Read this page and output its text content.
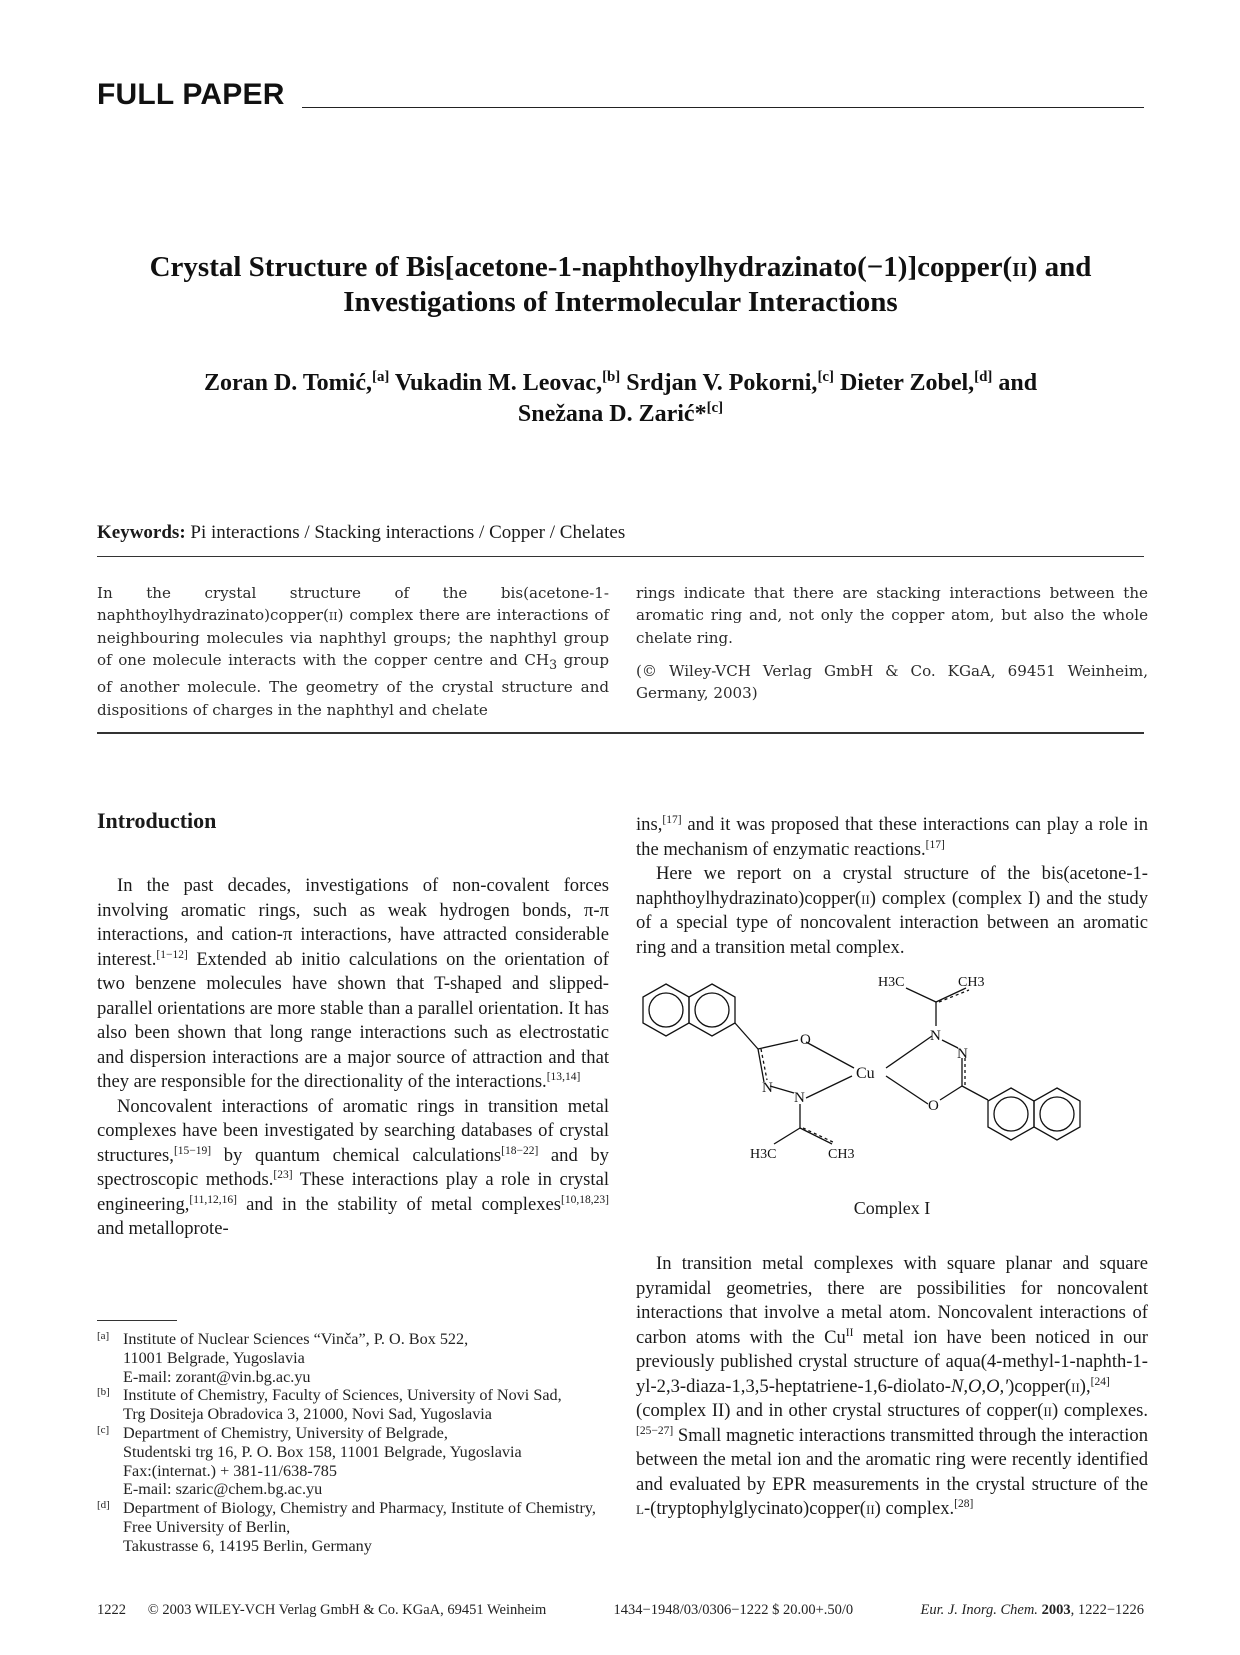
FULL PAPER
Crystal Structure of Bis[acetone-1-naphthoylhydrazinato(−1)]copper(ii) and
Investigations of Intermolecular Interactions
Zoran D. Tomić,[a] Vukadin M. Leovac,[b] Srdjan V. Pokorni,[c] Dieter Zobel,[d] and
Snežana D. Zarić*[c]
Keywords: Pi interactions / Stacking interactions / Copper / Chelates

In the crystal structure of the bis(acetone-1-naphthoylhydrazinato)copper(ii) complex there are interactions of neighbouring molecules via naphthyl groups; the naphthyl group of one molecule interacts with the copper centre and $CH_3$ group of another molecule. The geometry of the crystal structure and dispositions of charges in the naphthyl and chelate

rings indicate that there are stacking interactions between the aromatic ring and, not only the copper atom, but also the whole chelate ring.

(© Wiley-VCH Verlag GmbH & Co. KGaA, 69451 Weinheim, Germany, 2003)

Introduction

In the past decades, investigations of non-covalent forces involving aromatic rings, such as weak hydrogen bonds, π-π interactions, and cation-π interactions, have attracted considerable interest.[1−12] Extended ab initio calculations on the orientation of two benzene molecules have shown that T-shaped and slipped-parallel orientations are more stable than a parallel orientation. It has also been shown that long range interactions such as electrostatic and dispersion interactions are a major source of attraction and that they are responsible for the directionality of the interactions.[13,14]

Noncovalent interactions of aromatic rings in transition metal complexes have been investigated by searching databases of crystal structures,[15−19] by quantum chemical calculations[18−22] and by spectroscopic methods.[23] These interactions play a role in crystal engineering,[11,12,16] and in the stability of metal complexes[10,18,23] and metalloprote-

[a] Institute of Nuclear Sciences “Vinča”, P. O. Box 522,
11001 Belgrade, Yugoslavia
E-mail: zorant@vin.bg.ac.yu
[b] Institute of Chemistry, Faculty of Sciences, University of Novi Sad,
Trg Dositeja Obradovica 3, 21000, Novi Sad, Yugoslavia
[c] Department of Chemistry, University of Belgrade,
Studentski trg 16, P. O. Box 158, 11001 Belgrade, Yugoslavia
Fax:(internat.) + 381-11/638-785
E-mail: szaric@chem.bg.ac.yu
[d] Department of Biology, Chemistry and Pharmacy, Institute of Chemistry, Free University of Berlin,
Takustrasse 6, 14195 Berlin, Germany

ins,[17] and it was proposed that these interactions can play a role in the mechanism of enzymatic reactions.[17]

Here we report on a crystal structure of the bis(acetone-1-naphthoylhydrazinato)copper(ii) complex (complex I) and the study of a special type of noncovalent interaction between an aromatic ring and a transition metal complex.

O
N
N
Cu
N
N
O
H3C	CH3
H3C	CH3
Complex I

In transition metal complexes with square planar and square pyramidal geometries, there are possibilities for noncovalent interactions that involve a metal atom. Noncovalent interactions of carbon atoms with the $Cu^{II}$ metal ion have been noticed in our previously published crystal structure of aqua(4-methyl-1-naphth-1-yl-2,3-diaza-1,3,5-heptatriene-1,6-diolato-N,O,O,')copper(ii),[24] (complex II) and in other crystal structures of copper(ii) complexes.[25−27] Small magnetic interactions transmitted through the interaction between the metal ion and the aromatic ring were recently identified and evaluated by EPR measurements in the crystal structure of the l-(tryptophylglycinato)copper(ii) complex.[28]

1222 © 2003 WILEY-VCH Verlag GmbH & Co. KGaA, 69451 Weinheim	1434−1948/03/0306−1222 $ 20.00+.50/0	Eur. J. Inorg. Chem. 2003, 1222−1226
